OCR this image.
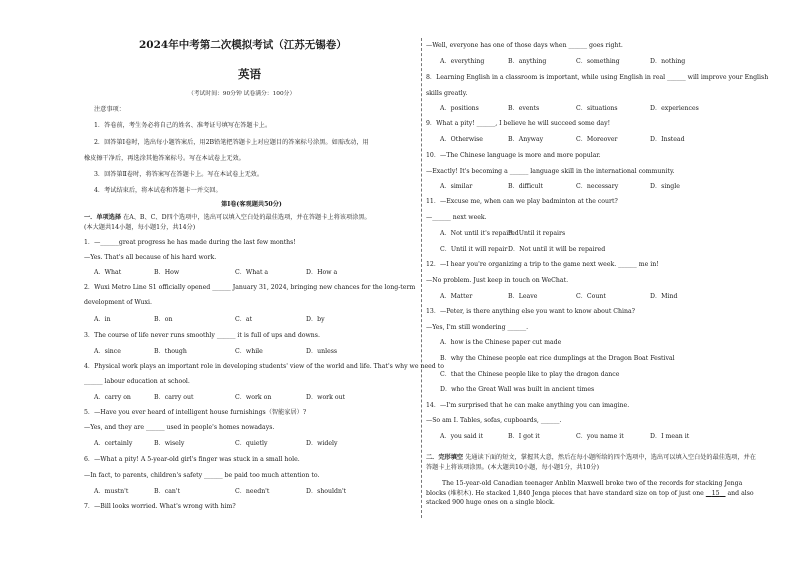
2024年中考第二次模拟考试（江苏无锡卷）
英语
（考试时间：90分钟 试卷满分：100分）
注意事项：
1．答卷前，考生务必将自己的姓名、准考证号填写在答题卡上。
2．回答第Ⅰ卷时，选出每小题答案后，用2B铅笔把答题卡上对应题目的答案标号涂黑。如需改动，用
橡皮擦干净后，再选涂其他答案标号。写在本试卷上无效。
3．回答第Ⅱ卷时，将答案写在答题卡上。写在本试卷上无效。
4．考试结束后，将本试卷和答题卡一并交回。
第Ⅰ卷(客观题共50分)
一．单项选择 在A、B、C、D四个选项中，选出可以填入空白处的最佳选项，并在答题卡上将该项涂黑。
(本大题共14小题，每小题1分，共14分)
1．—______great progress he has made during the last few months!
—Yes. That's all because of his hard work.
A．What	B．How	C．What a	D．How a
2．Wuxi Metro Line S1 officially opened ______ January 31, 2024, bringing new chances for the long-term
development of Wuxi.
A．in	B．on	C．at	D．by
3．The course of life never runs smoothly ______ it is full of ups and downs.
A．since	B．though	C．while	D．unless
4．Physical work plays an important role in developing students' view of the world and life. That's why we need to
______ labour education at school.
A．carry on	B．carry out	C．work on	D．work out
5．—Have you ever heard of intelligent house furnishings（智能家居）?
—Yes, and they are ______ used in people's homes nowadays.
A．certainly	B．wisely	C．quietly	D．widely
6．—What a pity! A 5-year-old girl's finger was stuck in a small hole.
—In fact, to parents, children's safety ______ be paid too much attention to.
A．mustn't	B．can't	C．needn't	D．shouldn't
7．—Bill looks worried. What's wrong with him?
—Well, everyone has one of those days when ______ goes right.
A．everything	B．anything	C．something	D．nothing
8．Learning English in a classroom is important, while using English in real ______ will improve your English
skills greatly.
A．positions	B．events	C．situations	D．experiences
9．What a pity! ______, I believe he will succeed some day!
A．Otherwise	B．Anyway	C．Moreover	D．Instead
10．—The Chinese language is more and more popular.
—Exactly! It's becoming a ______ language skill in the international community.
A．similar	B．difficult	C．necessary	D．single
11．—Excuse me, when can we play badminton at the court?
—______ next week.
A．Not until it's repaired
B．Until it repairs
C．Until it will repair D．Not until it will be repaired
12．—I hear you're organizing a trip to the game next week. ______ me in!
—No problem. Just keep in touch on WeChat.
A．Matter	B．Leave	C．Count	D．Mind
13．—Peter, is there anything else you want to know about China?
—Yes, I'm still wondering ______.
A．how is the Chinese paper cut made
B．why the Chinese people eat rice dumplings at the Dragon Boat Festival
C．that the Chinese people like to play the dragon dance
D．who the Great Wall was built in ancient times
14．—I'm surprised that he can make anything you can imagine.
—So am I. Tables, sofas, cupboards, ______.
A．you said it	B．I got it	C．you name it	D．I mean it
二．完形填空 先通读下面的短文，掌握其大意，然后在每小题所给的四个选项中，选出可以填入空白处的最佳选项，并在答题卡上将该项涂黑。(本大题共10小题，每小题1分，共10分)
The 15-year-old Canadian teenager Anblin Maxwell broke two of the records for stacking Jenga blocks (堆积木). He stacked 1,840 Jenga pieces that have standard size on top of just one    15    and also stacked 900 huge ones on a single block.
